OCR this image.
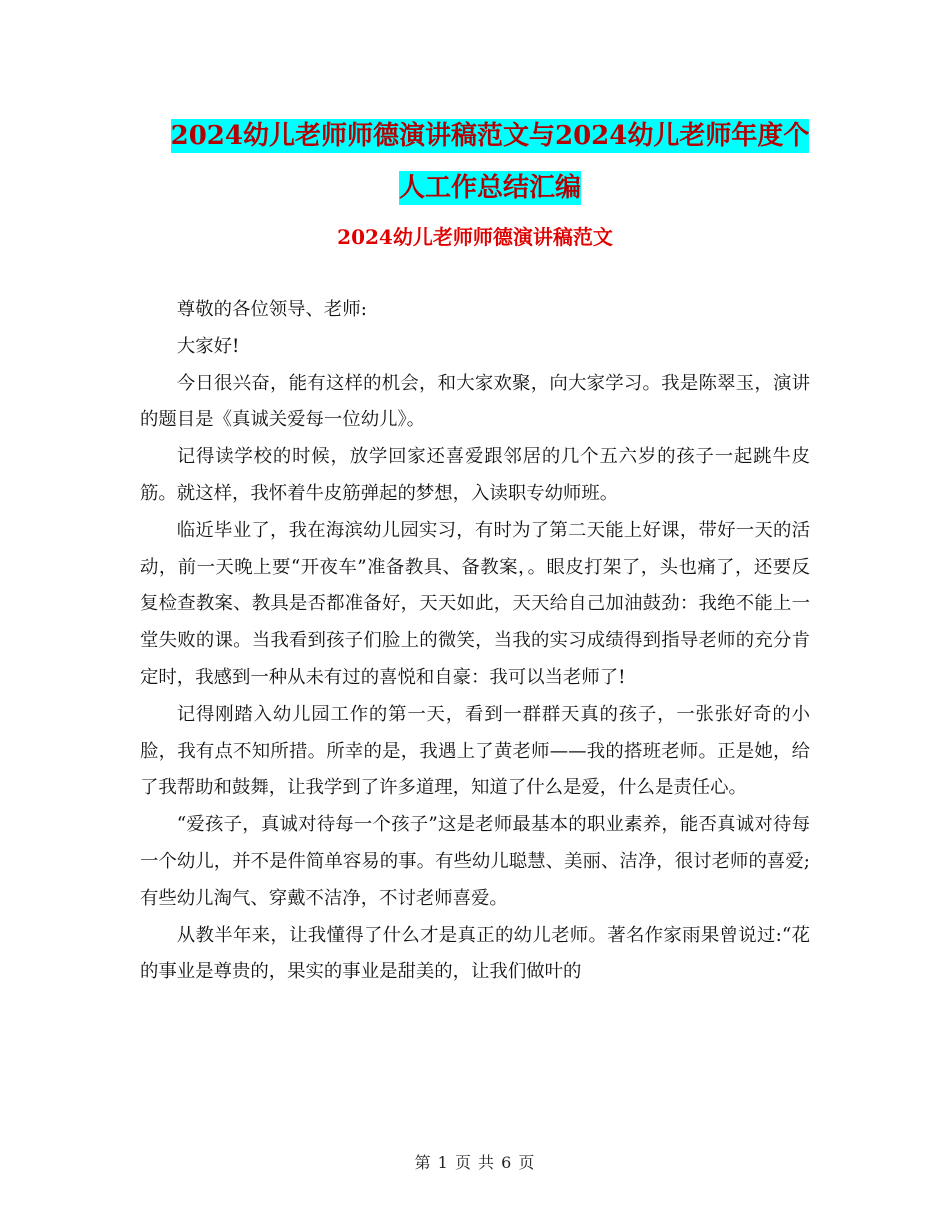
2024幼儿老师师德演讲稿范文与2024幼儿老师年度个
人工作总结汇编
2024幼儿老师师德演讲稿范文

尊敬的各位领导、老师:

大家好!

今日很兴奋，能有这样的机会，和大家欢聚，向大家学习。我是陈翠玉，演讲的题目是《真诚关爱每一位幼儿》。

记得读学校的时候，放学回家还喜爱跟邻居的几个五六岁的孩子一起跳牛皮筋。就这样，我怀着牛皮筋弹起的梦想，入读职专幼师班。

临近毕业了，我在海滨幼儿园实习，有时为了第二天能上好课，带好一天的活动，前一天晚上要“开夜车”准备教具、备教案，。眼皮打架了，头也痛了，还要反复检查教案、教具是否都准备好，天天如此，天天给自己加油鼓劲：我绝不能上一堂失败的课。当我看到孩子们脸上的微笑，当我的实习成绩得到指导老师的充分肯定时，我感到一种从未有过的喜悦和自豪：我可以当老师了!

记得刚踏入幼儿园工作的第一天，看到一群群天真的孩子，一张张好奇的小脸，我有点不知所措。所幸的是，我遇上了黄老师——我的搭班老师。正是她，给了我帮助和鼓舞，让我学到了许多道理，知道了什么是爱，什么是责任心。

“爱孩子，真诚对待每一个孩子”这是老师最基本的职业素养，能否真诚对待每一个幼儿，并不是件简单容易的事。有些幼儿聪慧、美丽、洁净，很讨老师的喜爱;有些幼儿淘气、穿戴不洁净，不讨老师喜爱。

从教半年来，让我懂得了什么才是真正的幼儿老师。著名作家雨果曾说过:“花的事业是尊贵的，果实的事业是甜美的，让我们做叶的

第 1 页 共 6 页
